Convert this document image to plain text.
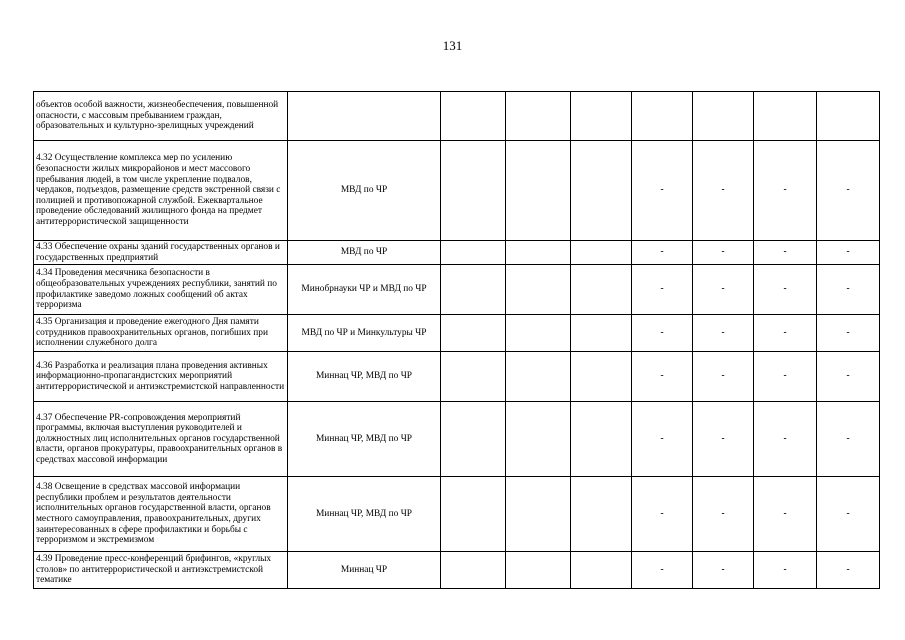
131
объектов особой важности, жизнеобеспечения, повышенной опасности, с массовым пребыванием граждан, образовательных и культурно-зрелищных учреждений								
4.32 Осуществление комплекса мер по усилению безопасности жилых микрорайонов и мест массового пребывания людей, в том числе укрепление подвалов, чердаков, подъездов, размещение средств экстренной связи с полицией и противопожарной службой. Ежеквартальное проведение обследований жилищного фонда на предмет антитеррористической защищенности	МВД по ЧР				-	-	-	-
4.33 Обеспечение охраны зданий государственных органов и государственных предприятий	МВД по ЧР				-	-	-	-
4.34 Проведения месячника безопасности в общеобразовательных учреждениях республики, занятий по профилактике заведомо ложных сообщений об актах терроризма	Минобрнауки ЧР и МВД по ЧР				-	-	-	-
4.35 Организация и проведение ежегодного Дня памяти сотрудников правоохранительных органов, погибших при исполнении служебного долга	МВД по ЧР и Минкультуры ЧР				-	-	-	-
4.36 Разработка и реализация плана проведения активных информационно-пропагандистских мероприятий антитеррористической и антиэкстремистской направленности	Миннац ЧР, МВД по ЧР				-	-	-	-
4.37 Обеспечение PR-сопровождения мероприятий программы, включая выступления руководителей и должностных лиц исполнительных органов государственной власти, органов прокуратуры, правоохранительных органов в средствах массовой информации	Миннац ЧР, МВД по ЧР				-	-	-	-
4.38 Освещение в средствах массовой информации республики проблем и результатов деятельности исполнительных органов государственной власти, органов местного самоуправления, правоохранительных, других заинтересованных в сфере профилактики и борьбы с терроризмом и экстремизмом	Миннац ЧР, МВД по ЧР				-	-	-	-
4.39 Проведение пресс-конференций брифингов, «круглых столов» по антитеррористической и антиэкстремистской тематике	Миннац ЧР				-	-	-	-
